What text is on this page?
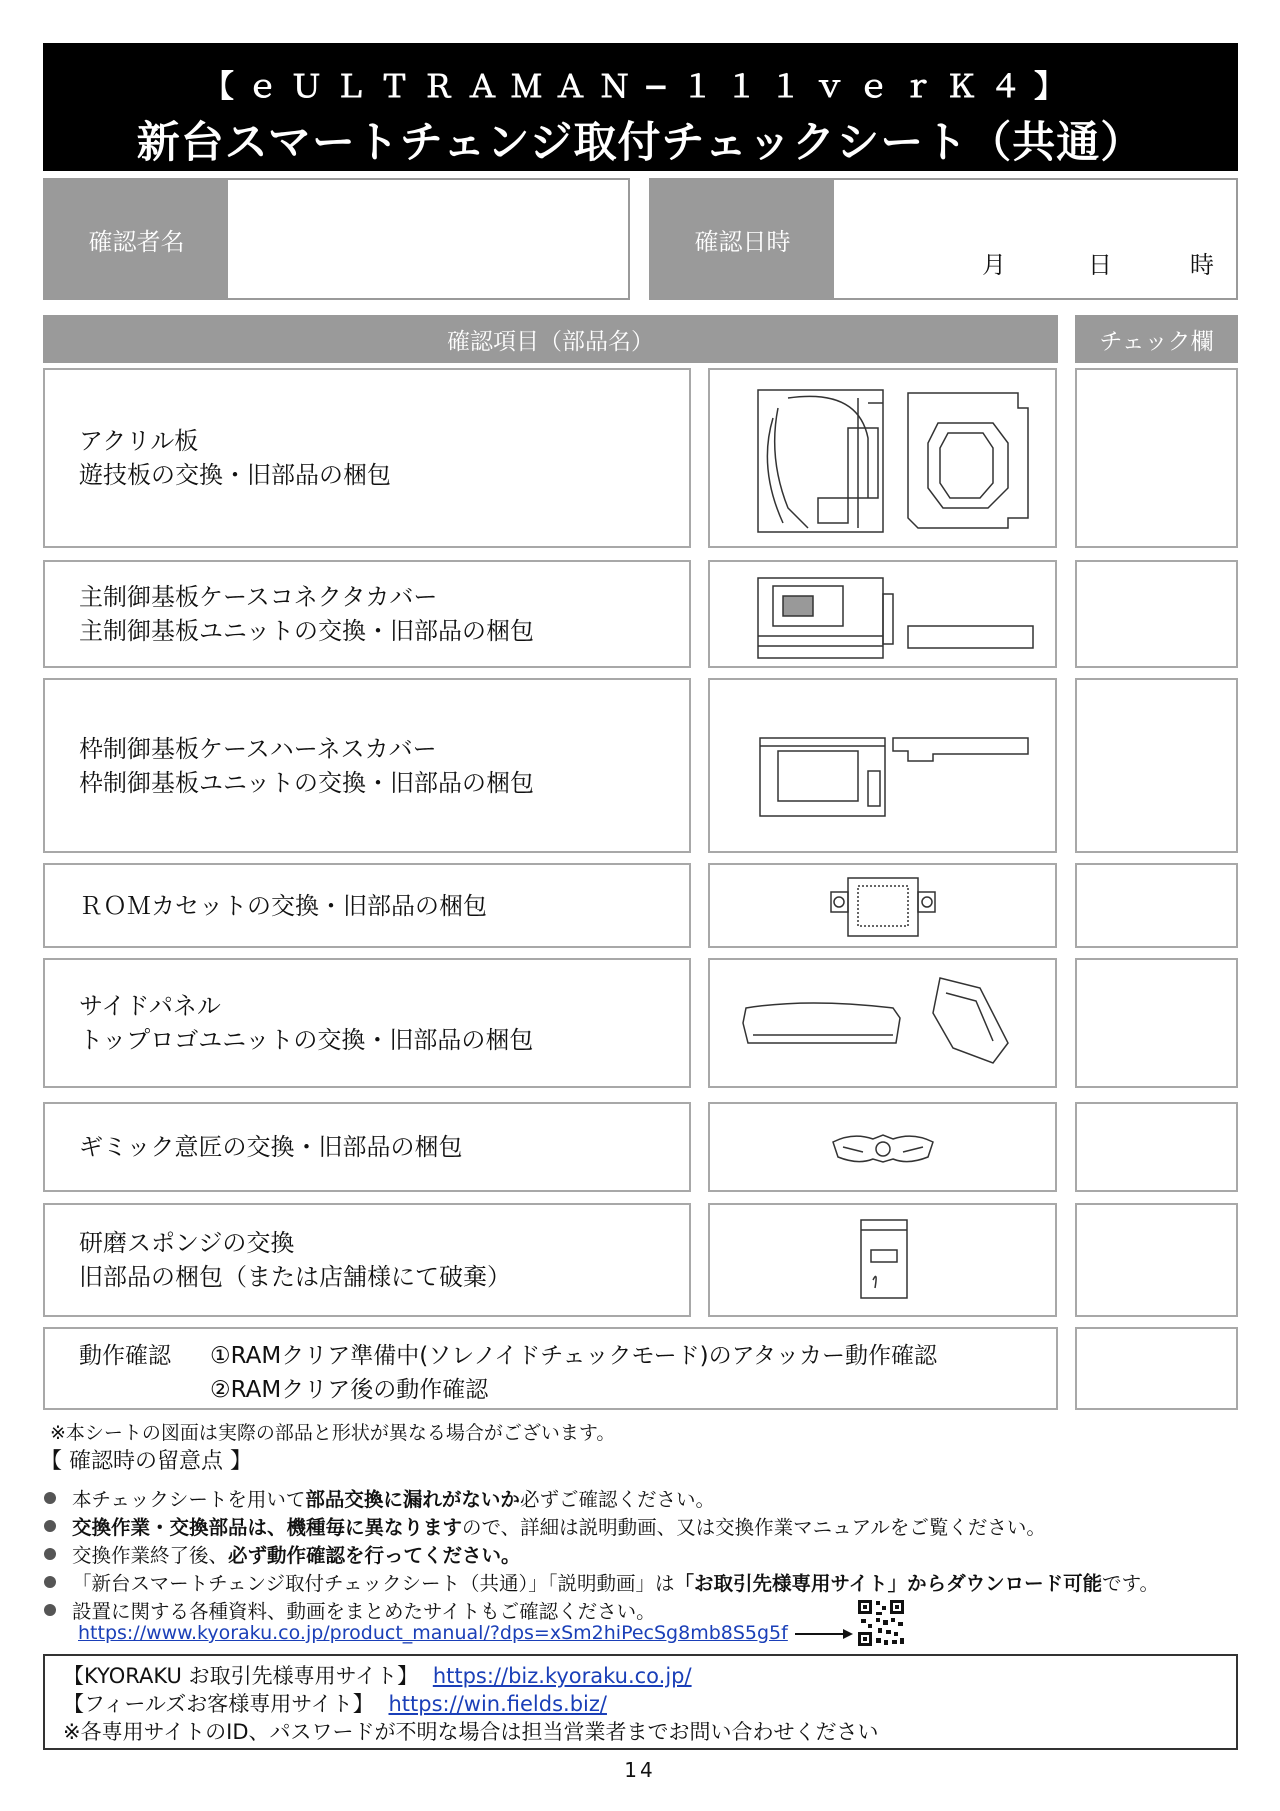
【ｅＵＬＴＲＡＭＡＮ−１１１ｖｅｒＫ４】
新台スマートチェンジ取付チェックシート（共通）
確認者名	確認日時
月	日	時
確認項目（部品名）	チェック欄
アクリル板
遊技板の交換・旧部品の梱包
主制御基板ケースコネクタカバー
主制御基板ユニットの交換・旧部品の梱包
枠制御基板ケースハーネスカバー
枠制御基板ユニットの交換・旧部品の梱包
ＲＯＭカセットの交換・旧部品の梱包
サイドパネル
トップロゴユニットの交換・旧部品の梱包
ギミック意匠の交換・旧部品の梱包
研磨スポンジの交換
旧部品の梱包（または店舗様にて破棄）
動作確認 ①RAMクリア準備中(ソレノイドチェックモード)のアタッカー動作確認
②RAMクリア後の動作確認
※本シートの図面は実際の部品と形状が異なる場合がございます。
【 確認時の留意点 】
本チェックシートを用いて 部品交換に漏れがないか 必ずご確認ください。
交換作業・交換部品は、機種毎に異なります ので、詳細は説明動画、又は交換作業マニュアルをご覧ください。
交換作業終了後、 必ず動作確認を行ってください。
「新台スマートチェンジ取付チェックシート（共通）」「説明動画」は 「お取引先様専用サイト」からダウンロード可能 です。
設置に関する各種資料、動画をまとめたサイトもご確認ください。
https://www.kyoraku.co.jp/product_manual/?dps=xSm2hiPecSg8mb8S5g5f
【KYORAKU お取引先様専用サイト】 https://biz.kyoraku.co.jp/
【フィールズお客様専用サイト】 https://win.fields.biz/
※各専用サイトのID、パスワードが不明な場合は担当営業者までお問い合わせください
14
